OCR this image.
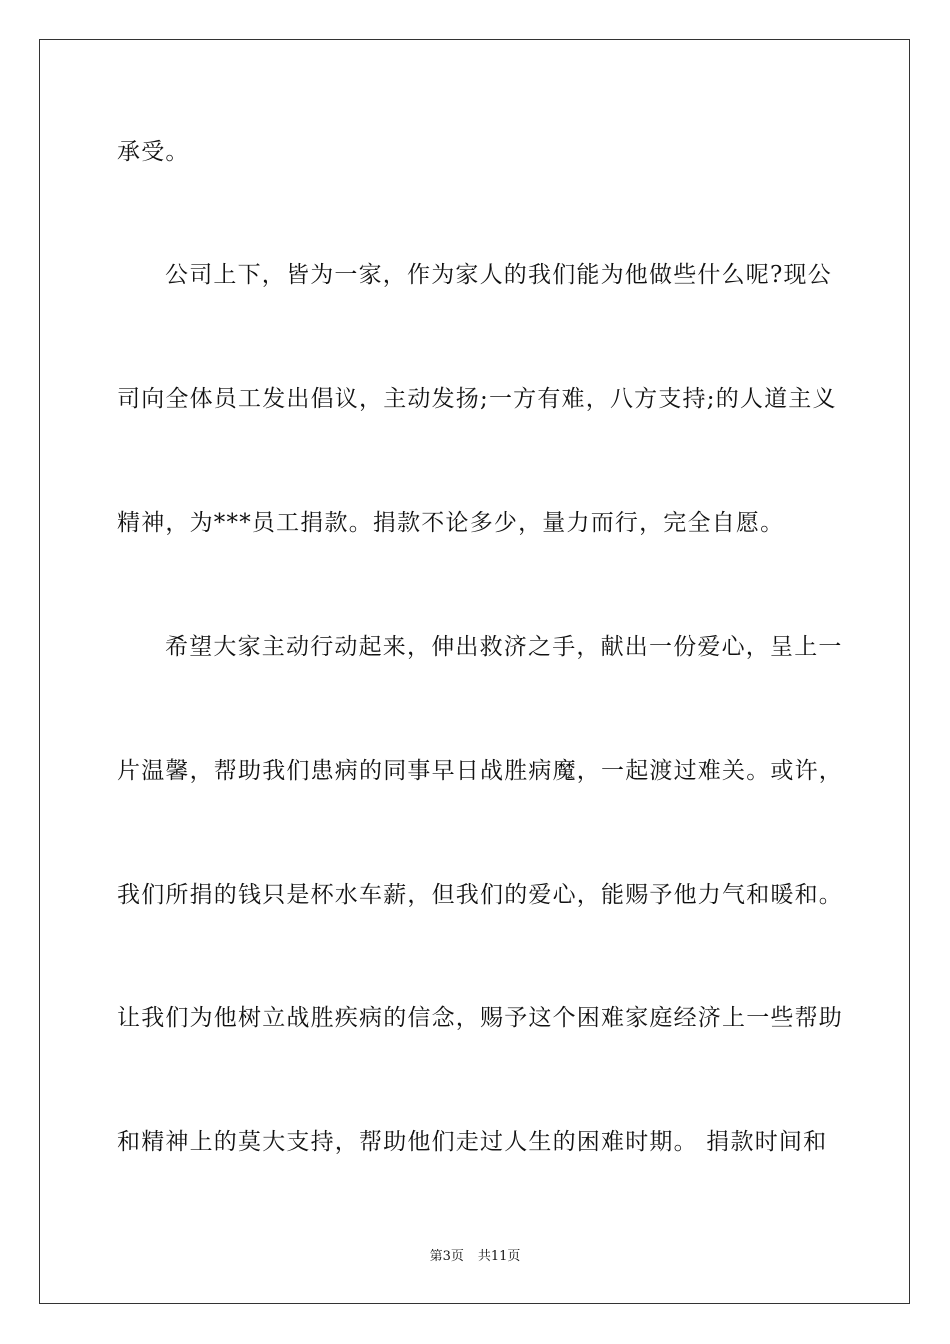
承受。
公司上下，皆为一家，作为家人的我们能为他做些什么呢?现公
司向全体员工发出倡议，主动发扬;一方有难，八方支持;的人道主义
精神，为***员工捐款。捐款不论多少，量力而行，完全自愿。
希望大家主动行动起来，伸出救济之手，献出一份爱心，呈上一
片温馨，帮助我们患病的同事早日战胜病魔，一起渡过难关。或许，
我们所捐的钱只是杯水车薪，但我们的爱心，能赐予他力气和暖和。
让我们为他树立战胜疾病的信念，赐予这个困难家庭经济上一些帮助
和精神上的莫大支持，帮助他们走过人生的困难时期。 捐款时间和
第3页 共11页
